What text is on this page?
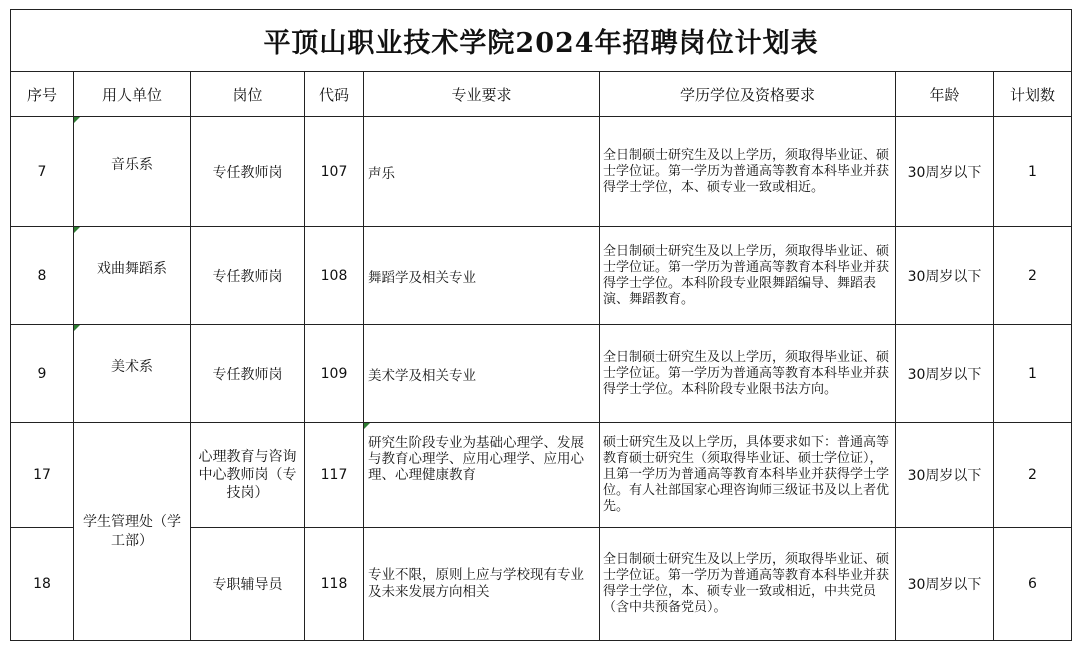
平顶山职业技术学院2024年招聘岗位计划表							
序号	用人单位	岗位	代码	专业要求	学历学位及资格要求	年龄	计划数
7	音乐系	专任教师岗	107	声乐	全日制硕士研究生及以上学历，须取得毕业证、硕士学位证。第一学历为普通高等教育本科毕业并获得学士学位，本、硕专业一致或相近。	30周岁以下	1
8	戏曲舞蹈系	专任教师岗	108	舞蹈学及相关专业	全日制硕士研究生及以上学历，须取得毕业证、硕士学位证。第一学历为普通高等教育本科毕业并获得学士学位。本科阶段专业限舞蹈编导、舞蹈表演、舞蹈教育。	30周岁以下	2
9	美术系	专任教师岗	109	美术学及相关专业	全日制硕士研究生及以上学历，须取得毕业证、硕士学位证。第一学历为普通高等教育本科毕业并获得学士学位。本科阶段专业限书法方向。	30周岁以下	1
17	学生管理处（学工部）	心理教育与咨询中心教师岗（专技岗）	117	研究生阶段专业为基础心理学、发展与教育心理学、应用心理学、应用心理、心理健康教育	硕士研究生及以上学历，具体要求如下：普通高等教育硕士研究生（须取得毕业证、硕士学位证），且第一学历为普通高等教育本科毕业并获得学士学位。有人社部国家心理咨询师三级证书及以上者优先。	30周岁以下	2
18		专职辅导员	118	专业不限，原则上应与学校现有专业及未来发展方向相关	全日制硕士研究生及以上学历，须取得毕业证、硕士学位证。第一学历为普通高等教育本科毕业并获得学士学位，本、硕专业一致或相近，中共党员（含中共预备党员）。	30周岁以下	6
